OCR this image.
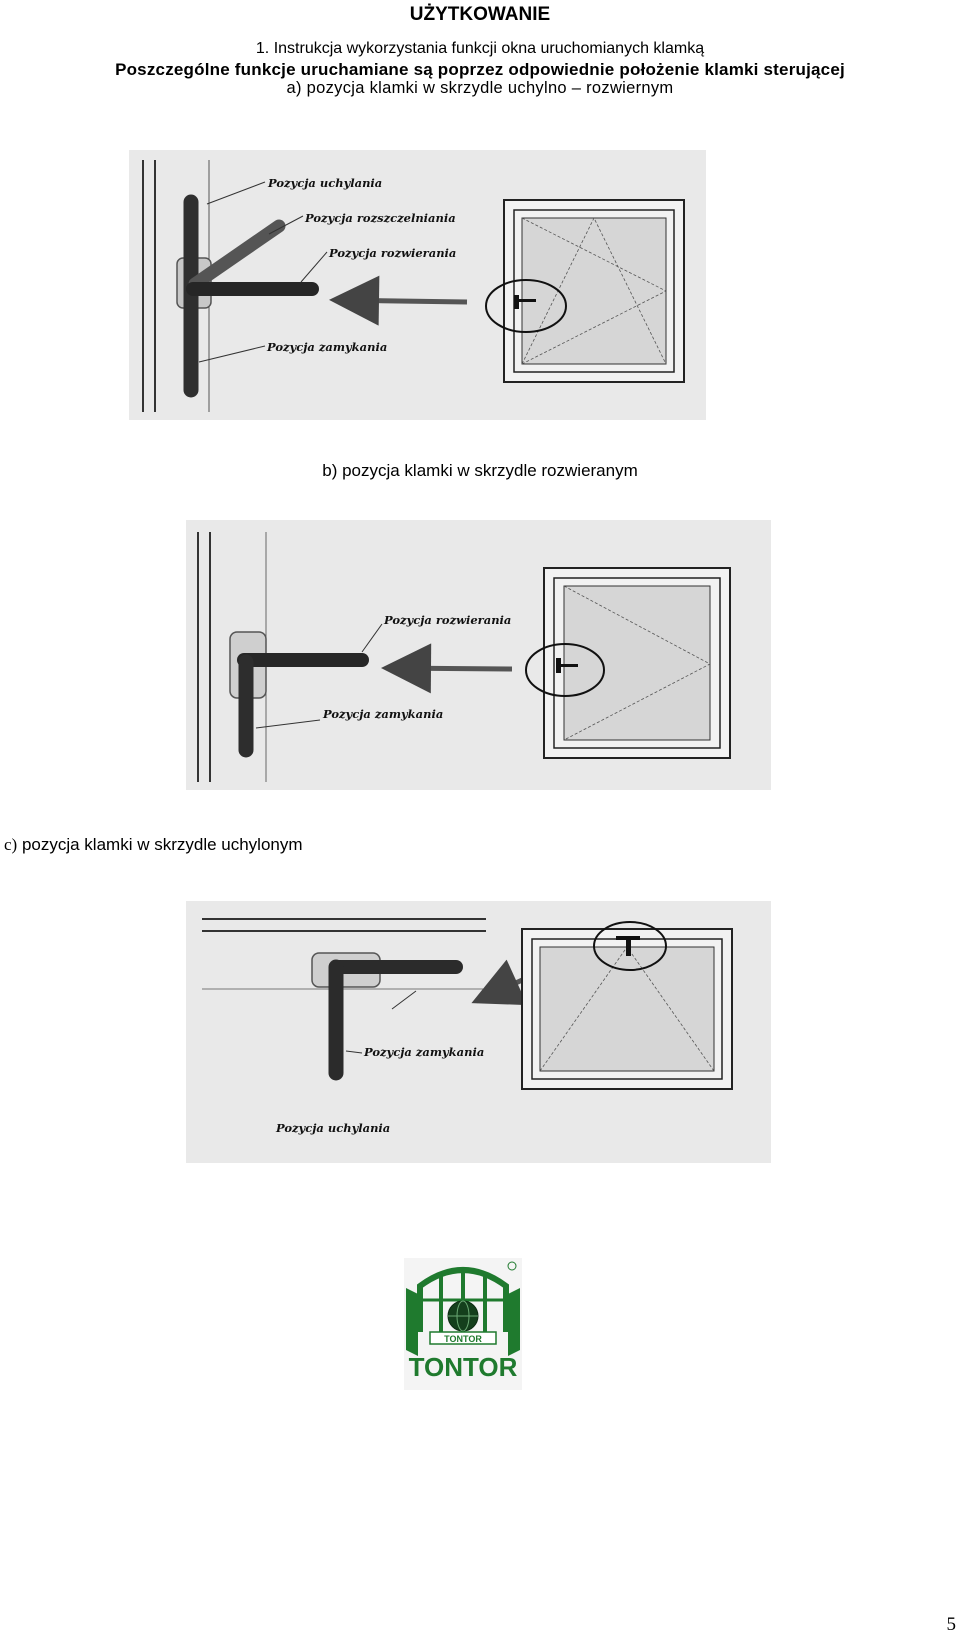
UŻYTKOWANIE
1. Instrukcja wykorzystania funkcji okna uruchomianych klamką
Poszczególne funkcje uruchamiane są poprzez odpowiednie położenie klamki sterującej
a) pozycja klamki w skrzydle uchylno – rozwiernym
Pozycja uchylania
Pozycja rozszczelniania
Pozycja rozwierania
Pozycja zamykania
b) pozycja klamki w skrzydle rozwieranym
Pozycja rozwierania
Pozycja zamykania
c) pozycja klamki w skrzydle uchylonym
Pozycja zamykania
Pozycja uchylania
TONTOR
TONTOR
5
